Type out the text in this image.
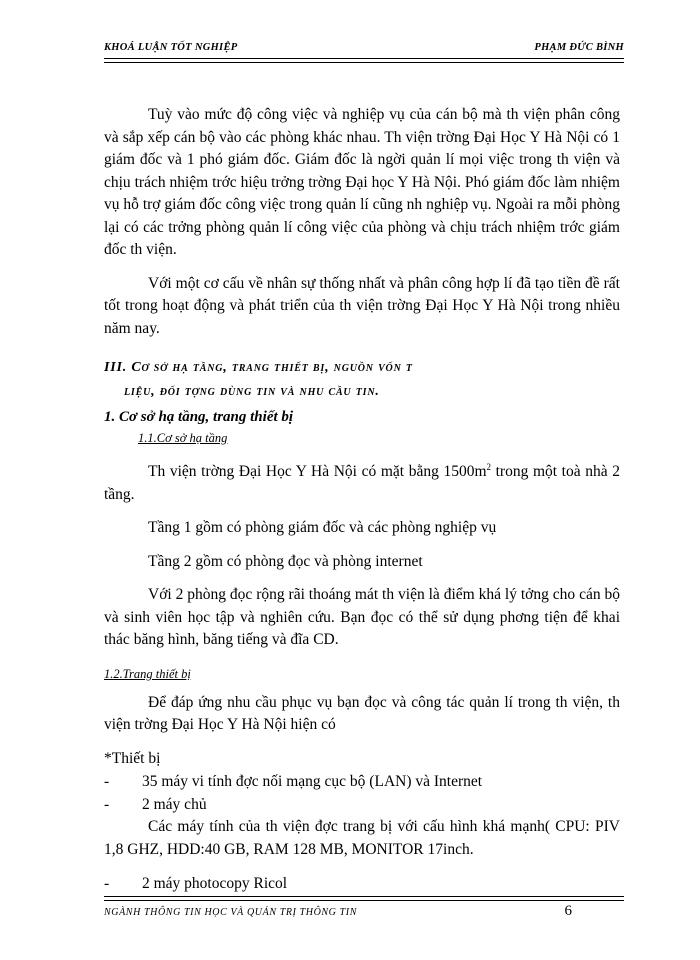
KHOÁ LUẬN TỐT NGHIỆP	PHẠM ĐỨC BÌNH

Tuỳ vào mức độ công việc và nghiệp vụ của cán bộ mà th viện phân công và sắp xếp cán bộ vào các phòng khác nhau. Th viện trờng Đại Học Y Hà Nội có 1 giám đốc và 1 phó giám đốc. Giám đốc là ngời quản lí mọi việc trong th viện và chịu trách nhiệm trớc hiệu trởng trờng Đại học Y Hà Nội. Phó giám đốc làm nhiệm vụ hỗ trợ giám đốc công việc trong quản lí cũng nh nghiệp vụ. Ngoài ra mỗi phòng lại có các trởng phòng quản lí công việc của phòng và chịu trách nhiệm trớc giám đốc th viện.

Với một cơ cấu về nhân sự thống nhất và phân công hợp lí đã tạo tiền đề rất tốt trong hoạt động và phát triển của th viện trờng Đại Học Y Hà Nội trong nhiều năm nay.

III. Cơ sở hạ tầng, trang thiết bị, nguồn vốn t
liệu, đối tợng dùng tin và nhu cầu tin.
1. Cơ sở hạ tầng, trang thiết bị
1.1.Cơ sở hạ tầng

Th viện trờng Đại Học Y Hà Nội có mặt bằng $1500m^2$ trong một toà nhà 2 tầng.

Tầng 1 gồm có phòng giám đốc và các phòng nghiệp vụ

Tầng 2 gồm có phòng đọc và phòng internet

Với 2 phòng đọc rộng rãi thoáng mát th viện là điểm khá lý tởng cho cán bộ và sinh viên học tập và nghiên cứu. Bạn đọc có thể sử dụng phơng tiện để khai thác băng hình, băng tiếng và đĩa CD.

1.2.Trang thiết bị

Để đáp ứng nhu cầu phục vụ bạn đọc và công tác quản lí trong th viện, th viện trờng Đại Học Y Hà Nội hiện có

*Thiết bị

-	35 máy vi tính đợc nối mạng cục bộ (LAN) và Internet
-	2 máy chủ

Các máy tính của th viện đợc trang bị với cấu hình khá mạnh( CPU: PIV 1,8 GHZ, HDD:40 GB, RAM 128 MB, MONITOR 17inch.

-	2 máy photocopy Ricol
NGÀNH THÔNG TIN HỌC VÀ QUẢN TRỊ THÔNG TIN	6
